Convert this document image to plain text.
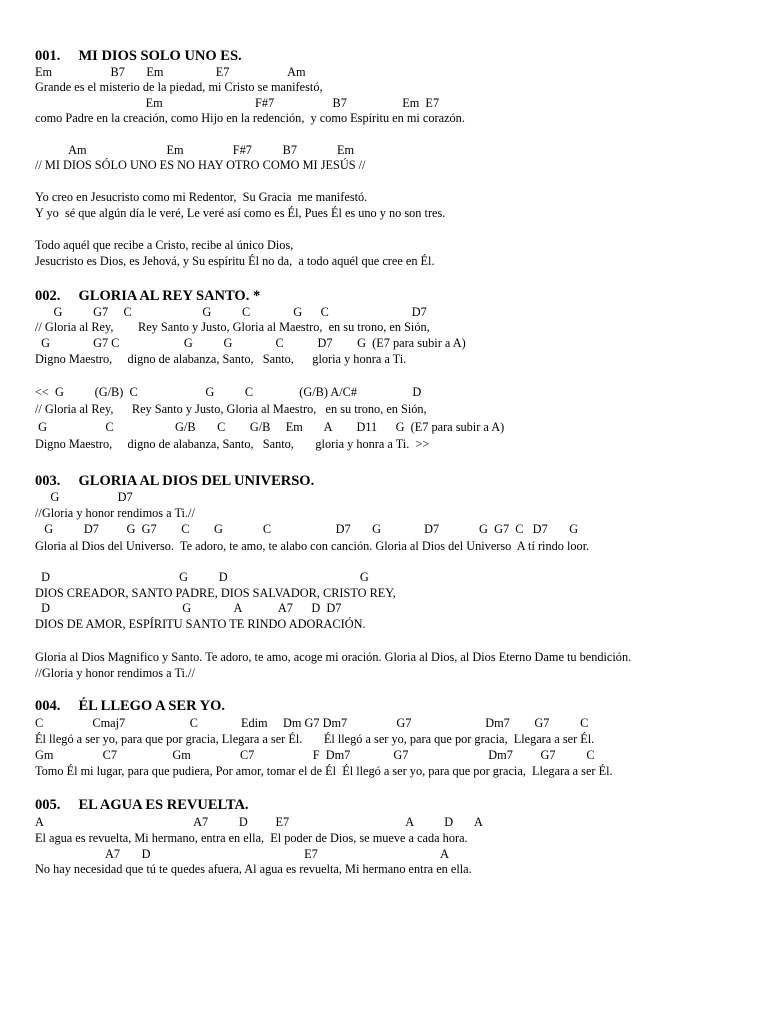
001.     MI DIOS SOLO UNO ES.
Em                   B7       Em                 E7                   Am
Grande es el misterio de la piedad, mi Cristo se manifestó,
Em                              F#7                   B7                  Em  E7
como Padre en la creación, como Hijo en la redención,  y como Espíritu en mi corazón.
Am                          Em                F#7          B7             Em
// MI DIOS SÓLO UNO ES NO HAY OTRO COMO MI JESÚS //
Yo creo en Jesucristo como mi Redentor,  Su Gracia  me manifestó.
Y yo  sé que algún día le veré, Le veré así como es Él, Pues Él es uno y no son tres.
Todo aquél que recibe a Cristo, recibe al único Dios,
Jesucristo es Dios, es Jehová, y Su espíritu Él no da,  a todo aquél que cree en Él.
002.     GLORIA AL REY SANTO. *
G          G7     C                       G          C              G      C                           D7
// Gloria al Rey,        Rey Santo y Justo, Gloria al Maestro,  en su trono, en Sión,
G              G7 C                     G          G              C           D7        G  (E7 para subir a A)
Digno Maestro,     digno de alabanza, Santo,   Santo,      gloria y honra a Ti.
<<  G          (G/B)  C                      G          C               (G/B) A/C#                  D
// Gloria al Rey,      Rey Santo y Justo, Gloria al Maestro,   en su trono, en Sión,
G                   C                    G/B       C        G/B     Em       A        D11      G  (E7 para subir a A)
Digno Maestro,     digno de alabanza, Santo,   Santo,       gloria y honra a Ti.  >>
003.     GLORIA AL DIOS DEL UNIVERSO.
G                   D7
//Gloria y honor rendimos a Ti.//
G          D7         G  G7        C        G             C                     D7       G              D7             G  G7  C   D7       G
Gloria al Dios del Universo.  Te adoro, te amo, te alabo con canción. Gloria al Dios del Universo  A tí rindo loor.
D                                          G          D                                           G
DIOS CREADOR, SANTO PADRE, DIOS SALVADOR, CRISTO REY,
D                                           G              A            A7      D  D7
DIOS DE AMOR, ESPÍRITU SANTO TE RINDO ADORACIÓN.
Gloria al Dios Magnifico y Santo. Te adoro, te amo, acoge mi oración. Gloria al Dios, al Dios Eterno Dame tu bendición.
//Gloria y honor rendimos a Ti.//
004.     ÉL LLEGO A SER YO.
C                Cmaj7                     C              Edim     Dm G7 Dm7                G7                        Dm7        G7          C
Él llegó a ser yo, para que por gracia, Llegara a ser Él.       Él llegó a ser yo, para que por gracia,  Llegara a ser Él.
Gm                C7                  Gm                C7                   F  Dm7              G7                          Dm7         G7          C
Tomo Él mi lugar, para que pudiera, Por amor, tomar el de Él  Él llegó a ser yo, para que por gracia,  Llegara a ser Él.
005.     EL AGUA ES REVUELTA.
A                                                 A7          D         E7                                      A          D       A
El agua es revuelta, Mi hermano, entra en ella,  El poder de Dios, se mueve a cada hora.
A7       D                                                  E7                                        A
No hay necesidad que tú te quedes afuera, Al agua es revuelta, Mi hermano entra en ella.
